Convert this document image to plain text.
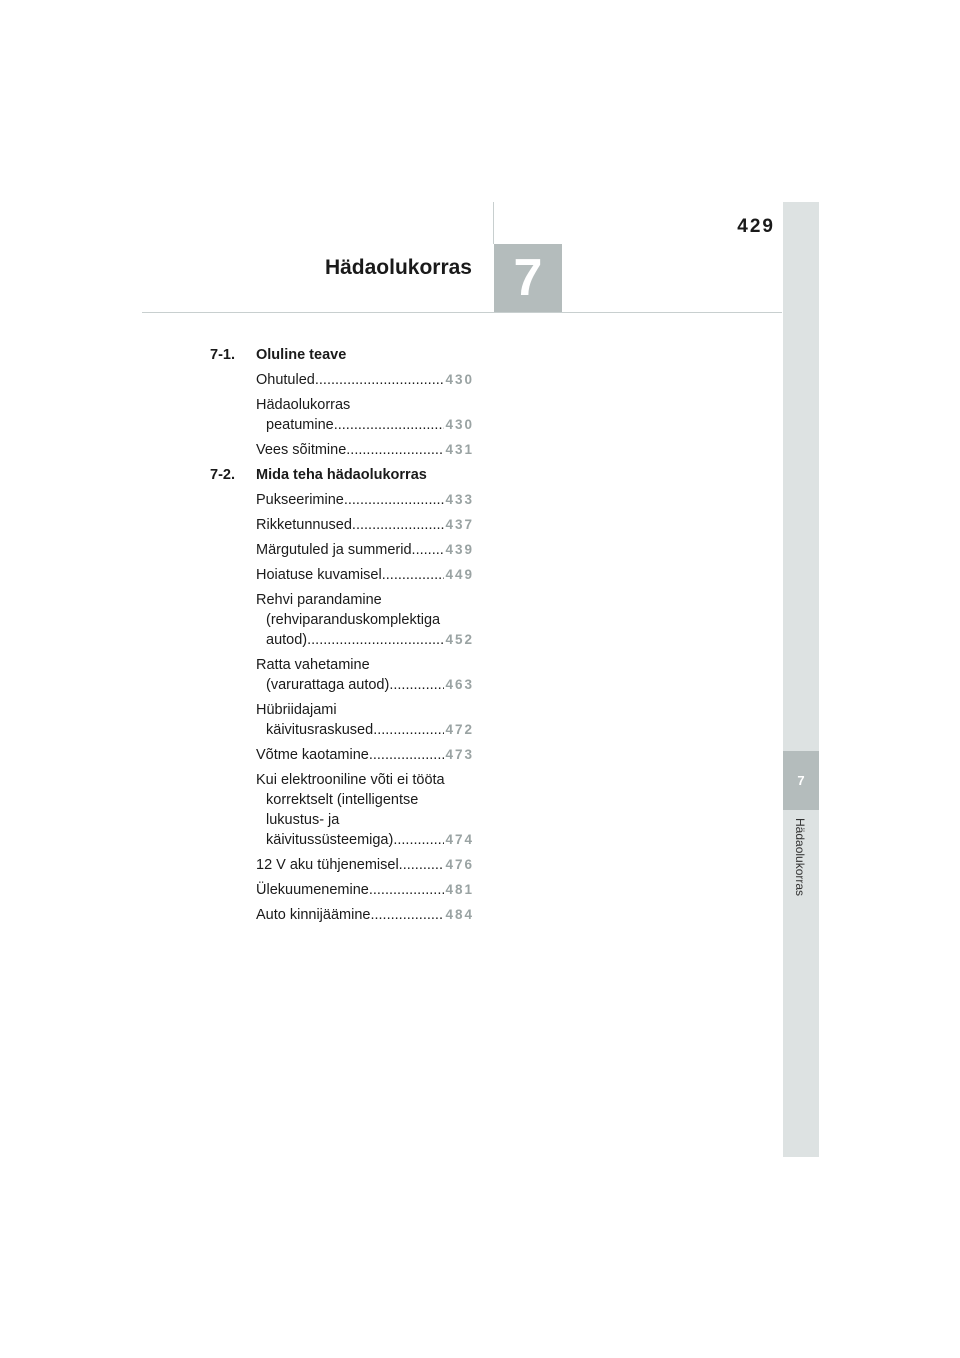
429
Hädaolukorras 7
7
Hädaolukorras
7-1.	Oluline teave
Ohutuled .....	430
Hädaolukorras
peatumine .....	430
Vees sõitmine .....	431
7-2.	Mida teha hädaolukorras
Pukseerimine .....	433
Rikketunnused .....	437
Märgutuled ja summerid .....	439
Hoiatuse kuvamisel .....	449
Rehvi parandamine
(rehviparanduskomplektiga
autod) .....	452
Ratta vahetamine
(varurattaga autod) .....	463
Hübriidajami
käivitusraskused .....	472
Võtme kaotamine .....	473
Kui elektrooniline võti ei tööta
korrektselt (intelligentse
lukustus- ja
käivitussüsteemiga) .....	474
12 V aku tühjenemisel .....	476
Ülekuumenemine .....	481
Auto kinnijäämine .....	484
